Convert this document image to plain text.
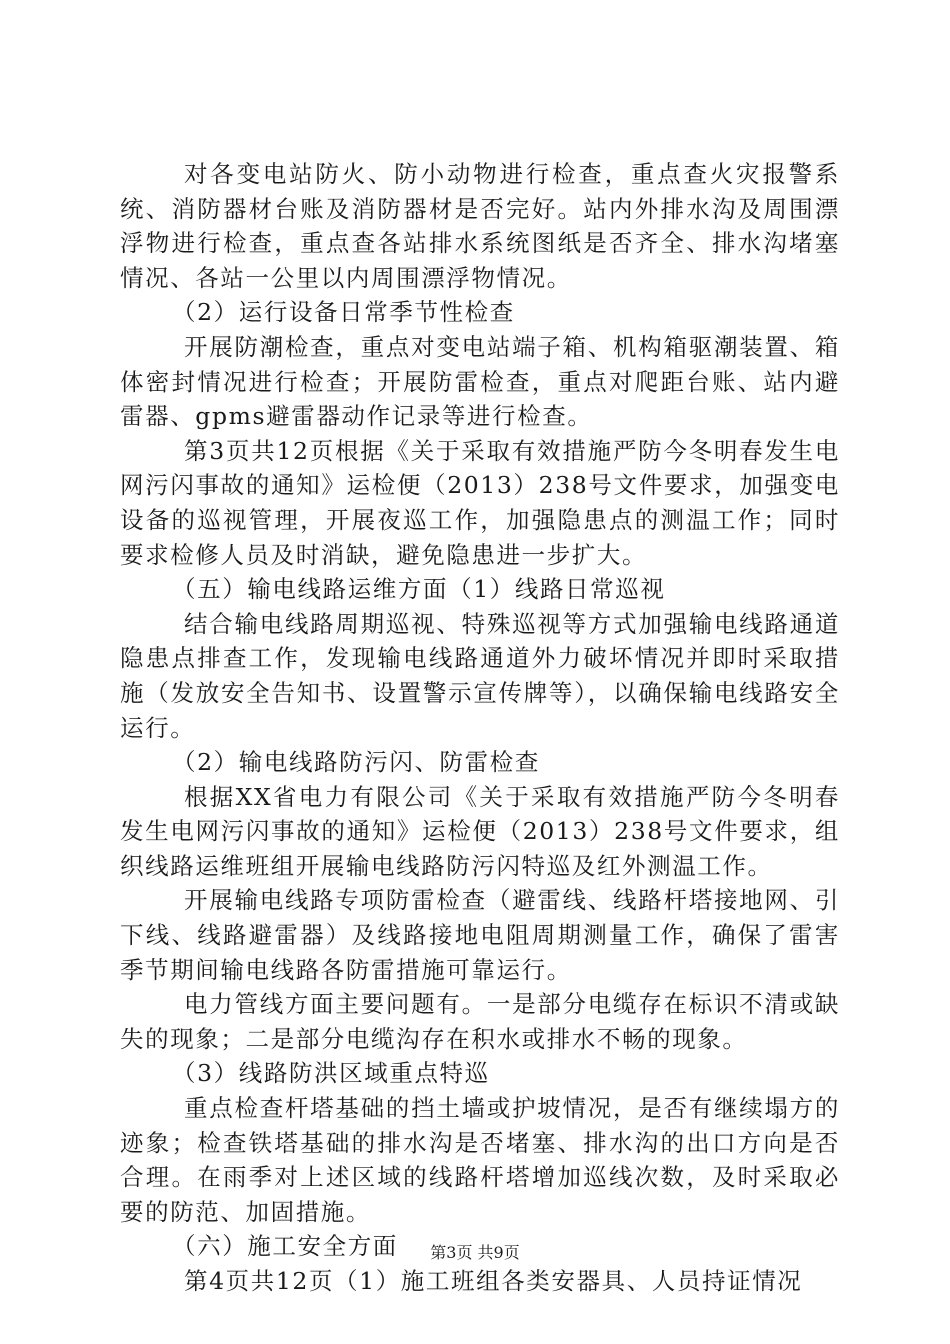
对各变电站防火、防小动物进行检查，重点查火灾报警系统、消防器材台账及消防器材是否完好。站内外排水沟及周围漂浮物进行检查，重点查各站排水系统图纸是否齐全、排水沟堵塞情况、各站一公里以内周围漂浮物情况。

（2）运行设备日常季节性检查

开展防潮检查，重点对变电站端子箱、机构箱驱潮装置、箱体密封情况进行检查；开展防雷检查，重点对爬距台账、站内避雷器、gpms避雷器动作记录等进行检查。

第3页共12页根据《关于采取有效措施严防今冬明春发生电网污闪事故的通知》运检便（2013）238号文件要求，加强变电设备的巡视管理，开展夜巡工作，加强隐患点的测温工作；同时要求检修人员及时消缺，避免隐患进一步扩大。

（五）输电线路运维方面（1）线路日常巡视

结合输电线路周期巡视、特殊巡视等方式加强输电线路通道隐患点排查工作，发现输电线路通道外力破坏情况并即时采取措施（发放安全告知书、设置警示宣传牌等），以确保输电线路安全运行。

（2）输电线路防污闪、防雷检查

根据XX省电力有限公司《关于采取有效措施严防今冬明春发生电网污闪事故的通知》运检便（2013）238号文件要求，组织线路运维班组开展输电线路防污闪特巡及红外测温工作。

开展输电线路专项防雷检查（避雷线、线路杆塔接地网、引下线、线路避雷器）及线路接地电阻周期测量工作，确保了雷害季节期间输电线路各防雷措施可靠运行。

电力管线方面主要问题有。一是部分电缆存在标识不清或缺失的现象；二是部分电缆沟存在积水或排水不畅的现象。

（3）线路防洪区域重点特巡

重点检查杆塔基础的挡土墙或护坡情况，是否有继续塌方的迹象；检查铁塔基础的排水沟是否堵塞、排水沟的出口方向是否合理。在雨季对上述区域的线路杆塔增加巡线次数，及时采取必要的防范、加固措施。

（六）施工安全方面

第4页共12页（1）施工班组各类安器具、人员持证情况

第3页 共9页
